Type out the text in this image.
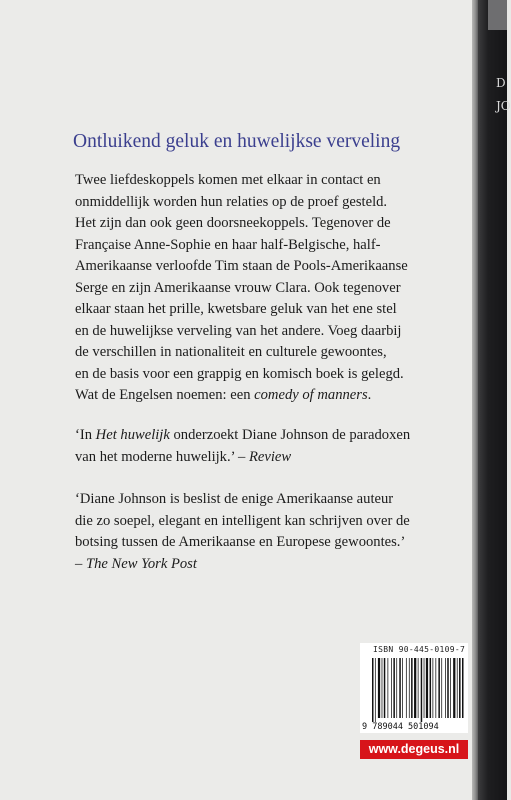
D
JO
Ontluikend geluk en huwelijkse verveling

Twee liefdeskoppels komen met elkaar in contact en
onmiddellijk worden hun relaties op de proef gesteld.
Het zijn dan ook geen doorsneekoppels. Tegenover de
Française Anne-Sophie en haar half-Belgische, half-
Amerikaanse verloofde Tim staan de Pools-Amerikaanse
Serge en zijn Amerikaanse vrouw Clara. Ook tegenover
elkaar staan het prille, kwetsbare geluk van het ene stel
en de huwelijkse verveling van het andere. Voeg daarbij
de verschillen in nationaliteit en culturele gewoontes,
en de basis voor een grappig en komisch boek is gelegd.
Wat de Engelsen noemen: een comedy of manners.

‘In Het huwelijk onderzoekt Diane Johnson de paradoxen
van het moderne huwelijk.’ – Review

‘Diane Johnson is beslist de enige Amerikaanse auteur
die zo soepel, elegant en intelligent kan schrijven over de
botsing tussen de Amerikaanse en Europese gewoontes.’
– The New York Post

ISBN 90-445-0109-7
9 789044 501094
www.degeus.nl
